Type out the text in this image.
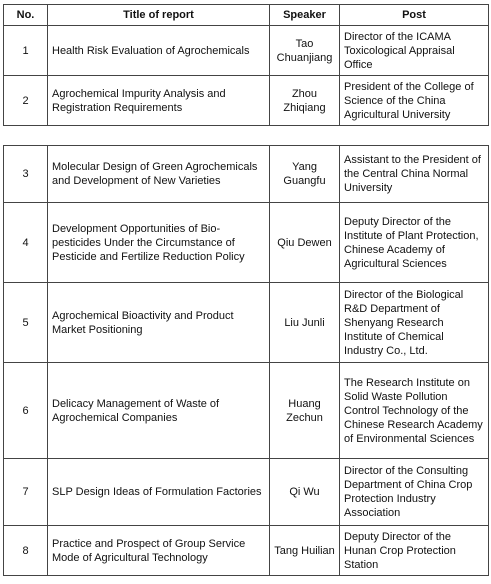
No.	Title of report	Speaker	Post
1	Health Risk Evaluation of Agrochemicals	Tao Chuanjiang	Director of the ICAMA Toxicological Appraisal Office
2	Agrochemical Impurity Analysis and Registration Requirements	Zhou Zhiqiang	President of the College of Science of the China Agricultural University
3	Molecular Design of Green Agrochemicals and Development of New Varieties	Yang Guangfu	Assistant to the President of the Central China Normal University
4	Development Opportunities of Bio-pesticides Under the Circumstance of Pesticide and Fertilize Reduction Policy	Qiu Dewen	Deputy Director of the Institute of Plant Protection, Chinese Academy of Agricultural Sciences
5	Agrochemical Bioactivity and Product Market Positioning	Liu Junli	Director of the Biological R&D Department of Shenyang Research Institute of Chemical Industry Co., Ltd.
6	Delicacy Management of Waste of Agrochemical Companies	Huang Zechun	The Research Institute on Solid Waste Pollution Control Technology of the Chinese Research Academy of Environmental Sciences
7	SLP Design Ideas of Formulation Factories	Qi Wu	Director of the Consulting Department of China Crop Protection Industry Association
8	Practice and Prospect of Group Service Mode of Agricultural Technology	Tang Huilian	Deputy Director of the Hunan Crop Protection Station
